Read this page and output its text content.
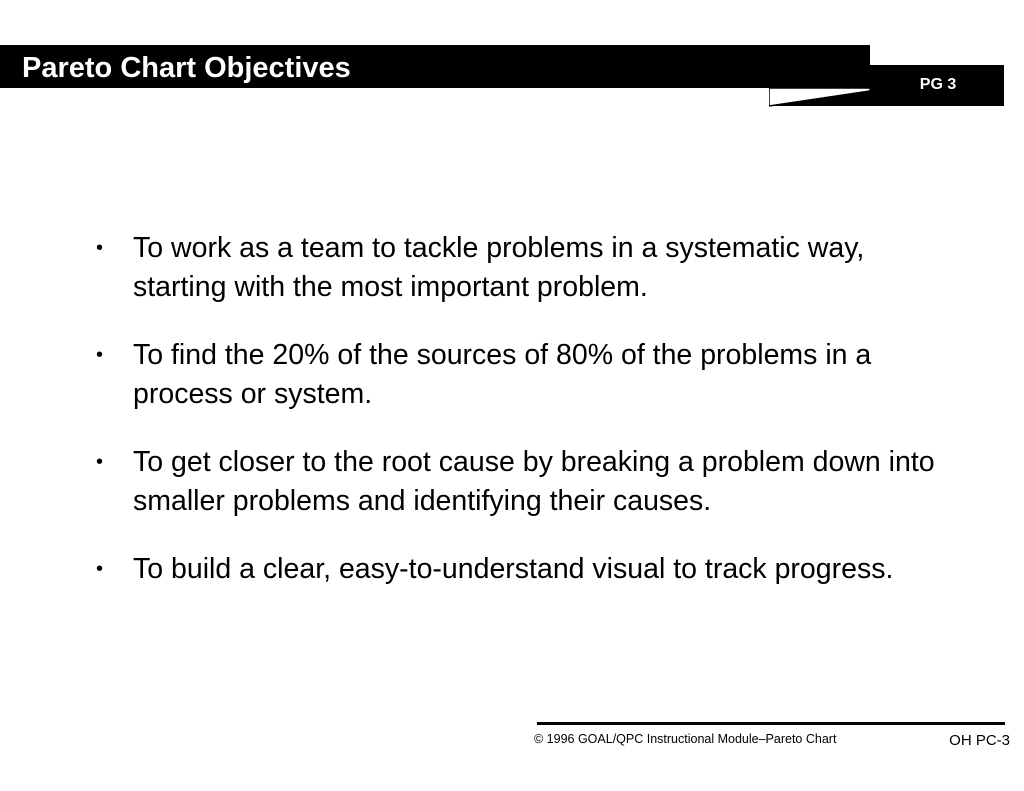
Pareto Chart Objectives
PG 3
• To work as a team to tackle problems in a systematic way, starting with the most important problem.
• To find the 20% of the sources of 80% of the problems in a process or system.
• To get closer to the root cause by breaking a problem down into smaller problems and identifying their causes.
• To build a clear, easy-to-understand visual to track progress.
© 1996 GOAL/QPC Instructional Module–Pareto Chart	OH PC-3
